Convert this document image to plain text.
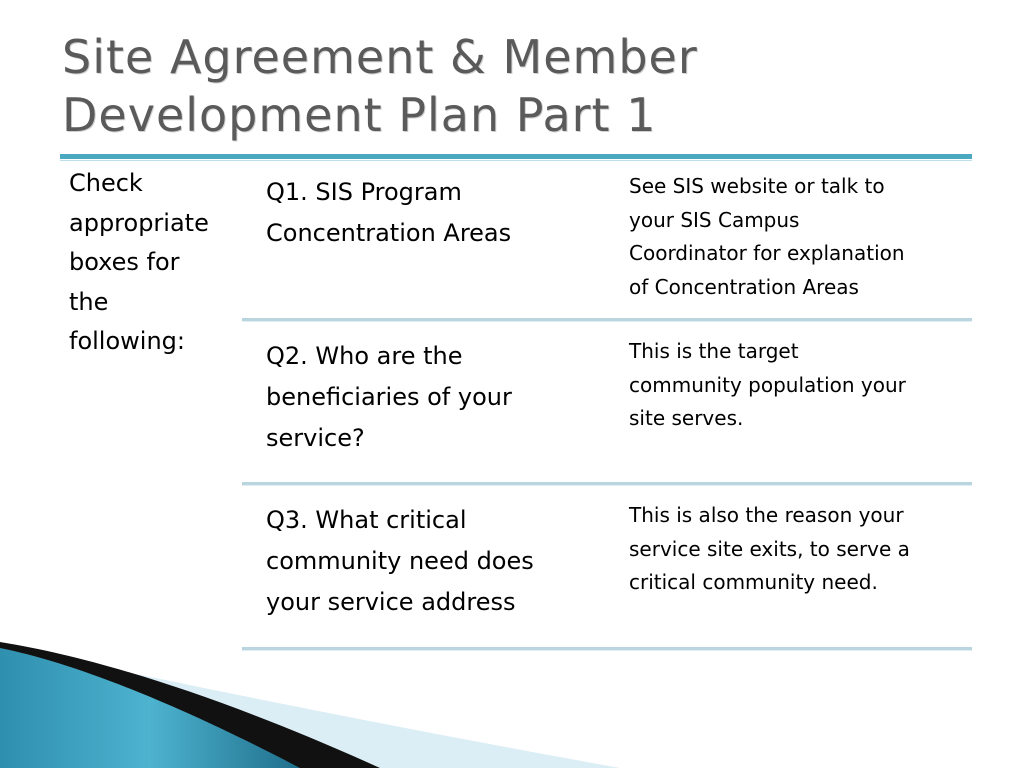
Site Agreement & Member
Development Plan Part 1
Check
appropriate
boxes for
the
following:
Q1. SIS Program
Concentration Areas
See SIS website or talk to
your SIS Campus
Coordinator for explanation
of Concentration Areas
Q2. Who are the
beneficiaries of your
service?
This is the target
community population your
site serves.
Q3. What critical
community need does
your service address
This is also the reason your
service site exits, to serve a
critical community need.
